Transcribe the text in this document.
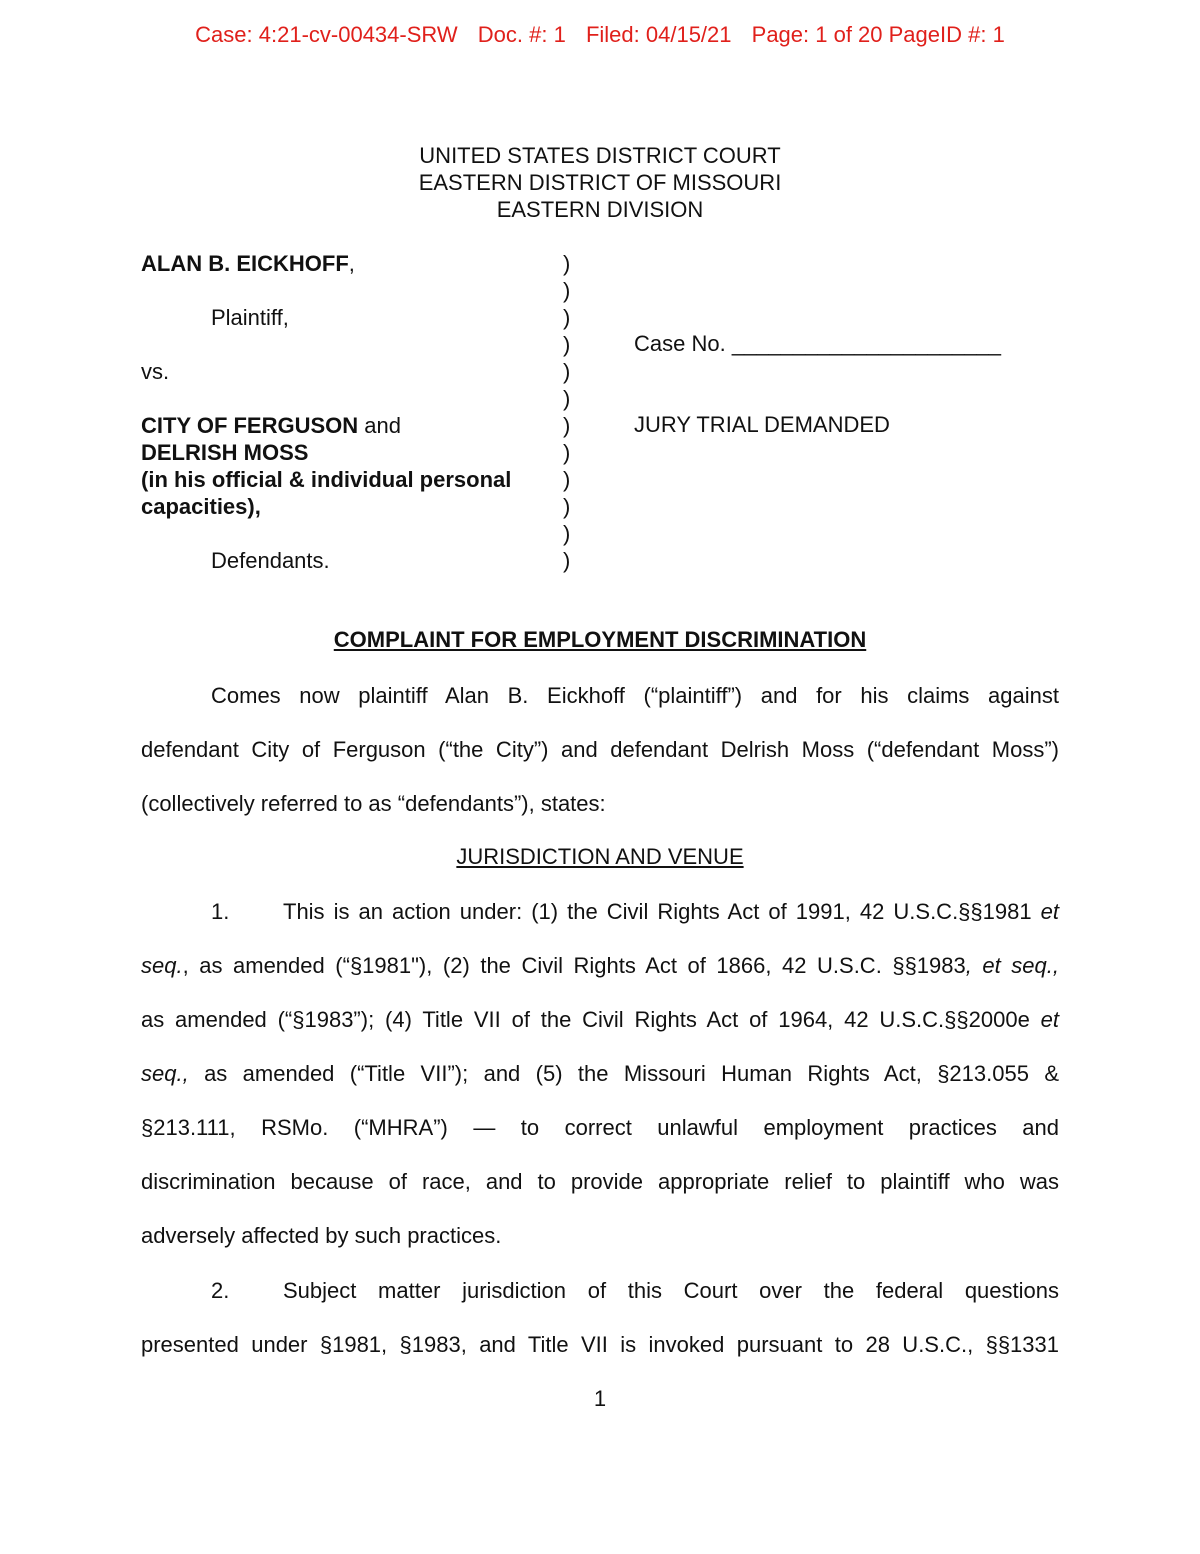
Case: 4:21-cv-00434-SRW Doc. #: 1 Filed: 04/15/21 Page: 1 of 20 PageID #: 1
UNITED STATES DISTRICT COURT
EASTERN DISTRICT OF MISSOURI
EASTERN DIVISION
ALAN B. EICKHOFF,
Plaintiff,
vs.
CITY OF FERGUSON and
DELRISH MOSS
(in his official & individual personal
capacities),
Defendants.
)
)
)
)
)
)
)
)
)
)
)
)
Case No. ______________________
JURY TRIAL DEMANDED
COMPLAINT FOR EMPLOYMENT DISCRIMINATION
Comes now plaintiff Alan B. Eickhoff (“plaintiff”) and for his claims against
defendant City of Ferguson (“the City”) and defendant Delrish Moss (“defendant Moss”)
(collectively referred to as “defendants”), states:
JURISDICTION AND VENUE
1. This is an action under: (1) the Civil Rights Act of 1991, 42 U.S.C.§§1981 et
seq., as amended (“§1981"), (2) the Civil Rights Act of 1866, 42 U.S.C. §§1983, et seq.,
as amended (“§1983”); (4) Title VII of the Civil Rights Act of 1964, 42 U.S.C.§§2000e et
seq., as amended (“Title VII”); and (5) the Missouri Human Rights Act, §213.055 &
§213.111, RSMo. (“MHRA”) — to correct unlawful employment practices and
discrimination because of race, and to provide appropriate relief to plaintiff who was
adversely affected by such practices.
2. Subject matter jurisdiction of this Court over the federal questions
presented under §1981, §1983, and Title VII is invoked pursuant to 28 U.S.C., §§1331
1
